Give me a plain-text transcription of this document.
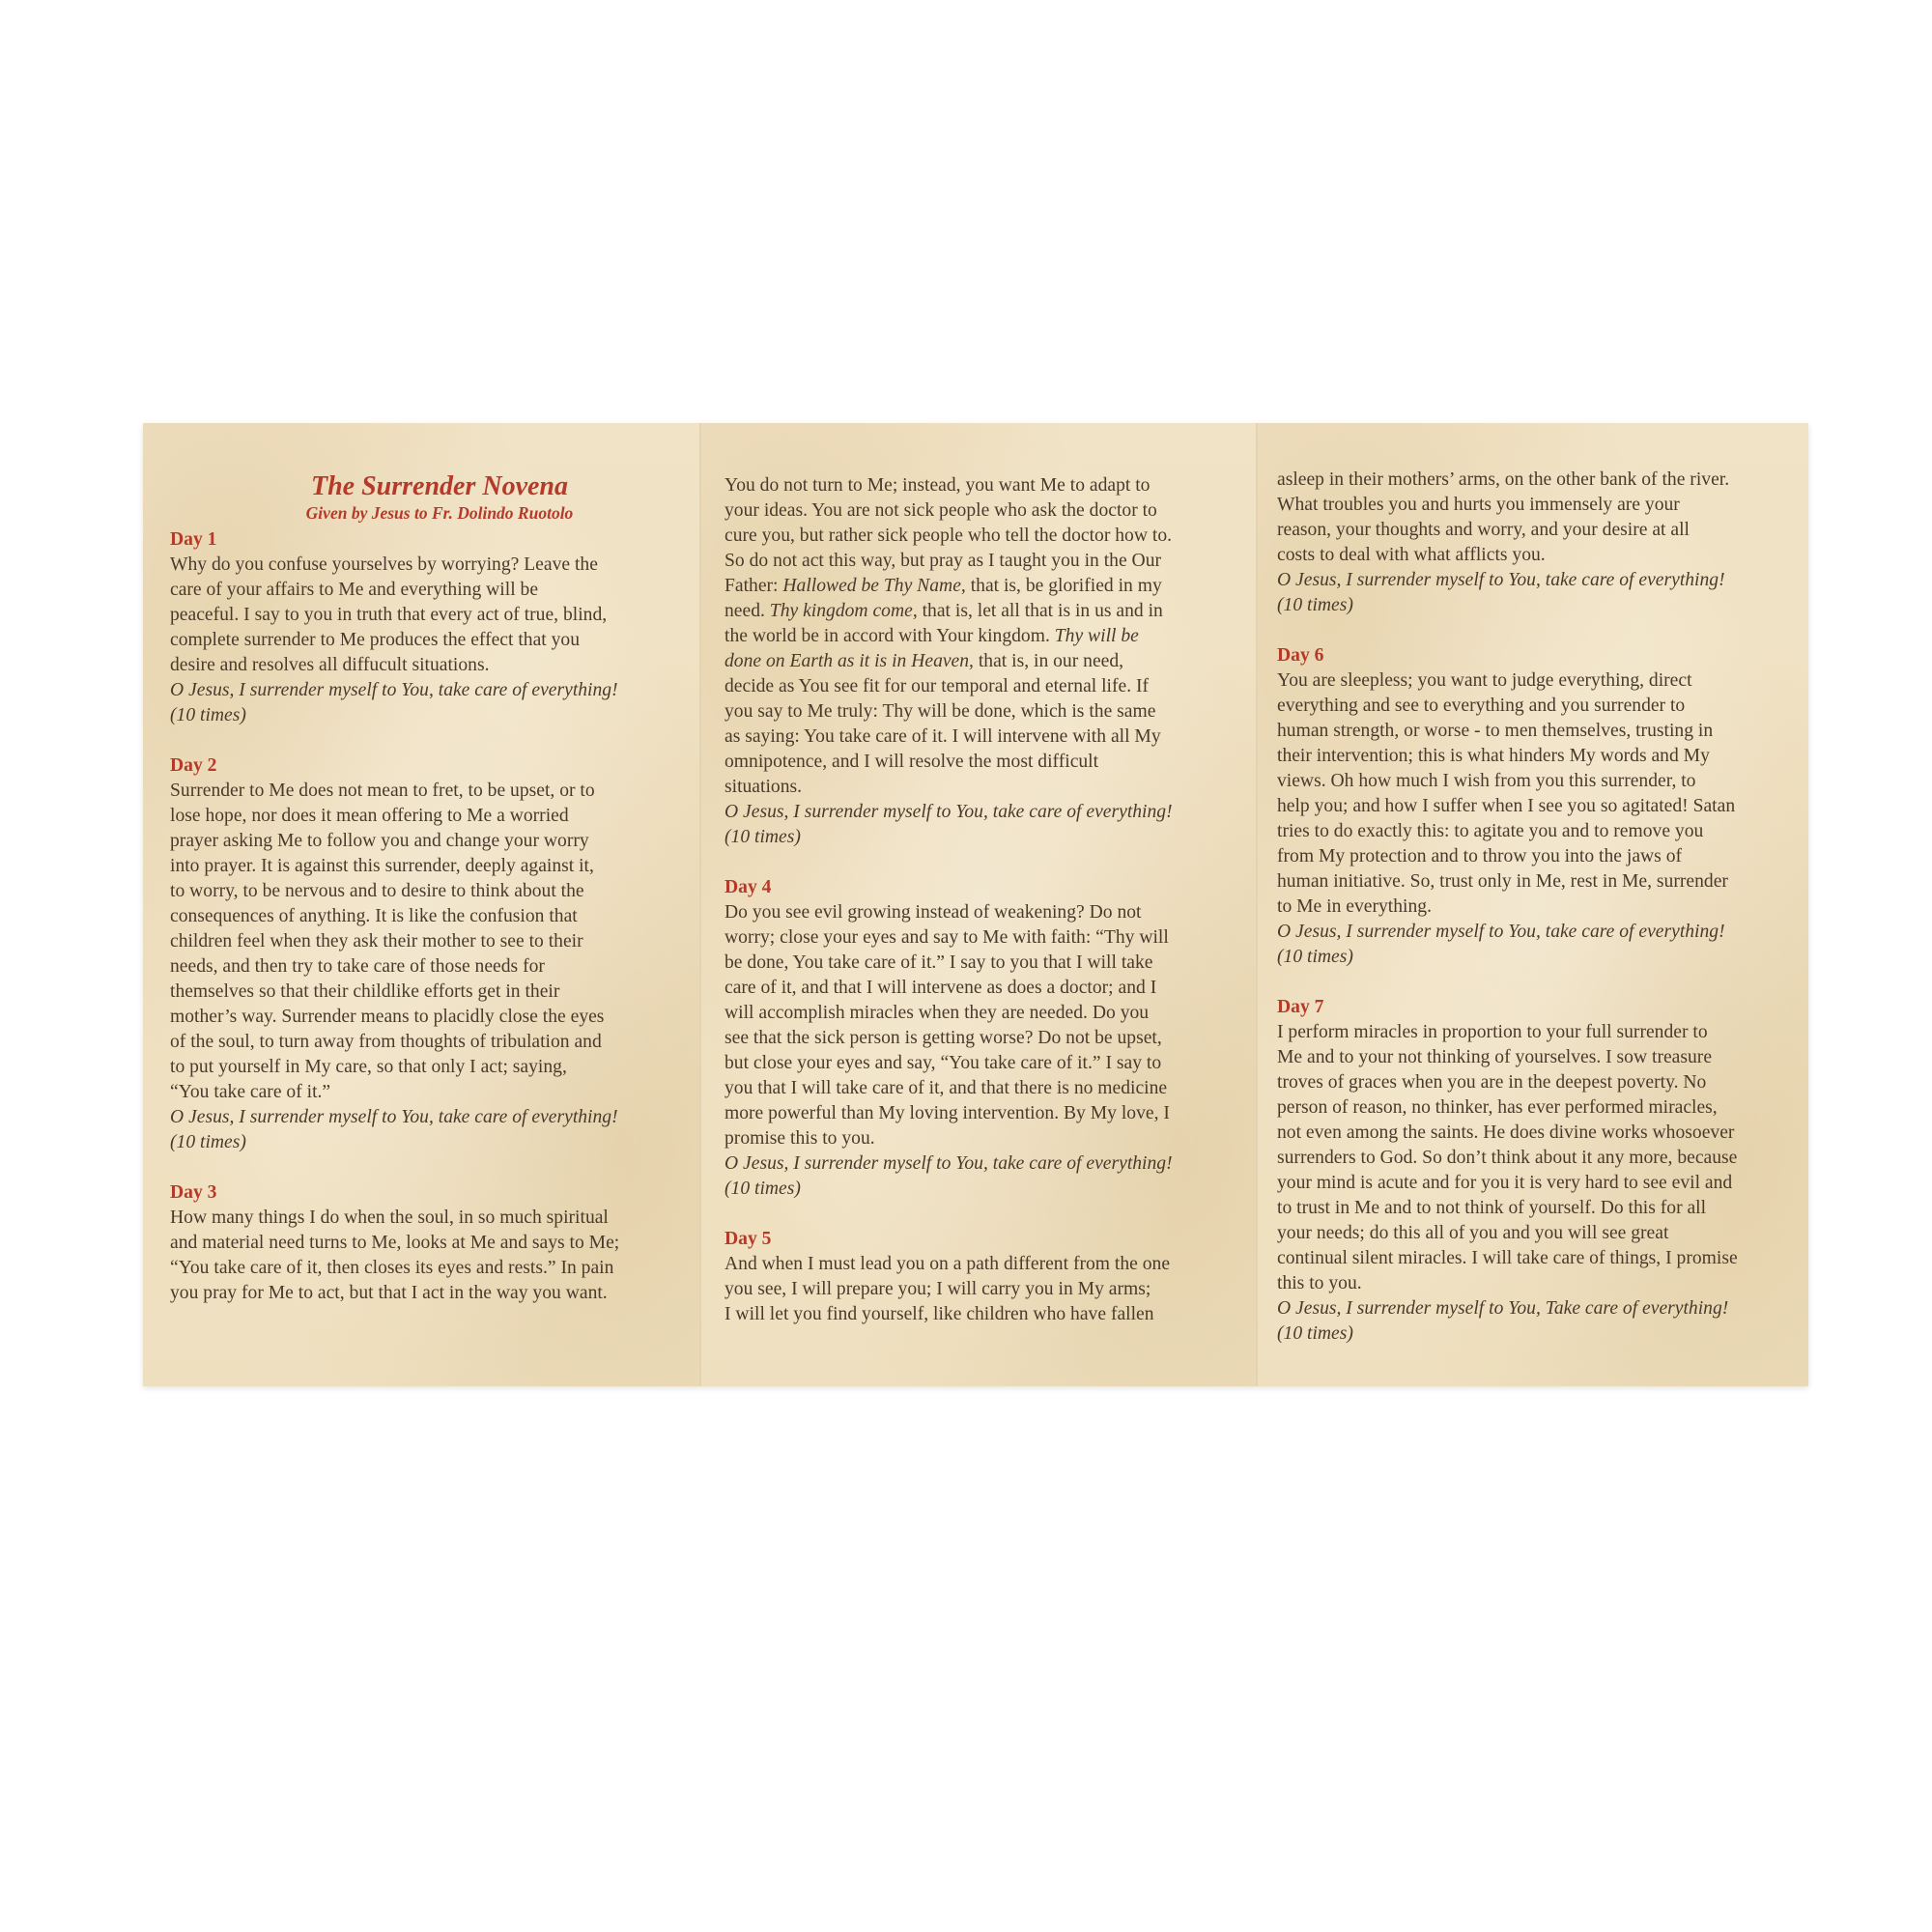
The Surrender Novena
Given by Jesus to Fr. Dolindo Ruotolo
Day 1

Why do you confuse yourselves by worrying? Leave the
care of your affairs to Me and everything will be
peaceful. I say to you in truth that every act of true, blind,
complete surrender to Me produces the effect that you
desire and resolves all diffucult situations.

O Jesus, I surrender myself to You, take care of everything!
(10 times)

Day 2

Surrender to Me does not mean to fret, to be upset, or to
lose hope, nor does it mean offering to Me a worried
prayer asking Me to follow you and change your worry
into prayer. It is against this surrender, deeply against it,
to worry, to be nervous and to desire to think about the
consequences of anything. It is like the confusion that
children feel when they ask their mother to see to their
needs, and then try to take care of those needs for
themselves so that their childlike efforts get in their
mother’s way. Surrender means to placidly close the eyes
of the soul, to turn away from thoughts of tribulation and
to put yourself in My care, so that only I act; saying,
“You take care of it.”

O Jesus, I surrender myself to You, take care of everything!
(10 times)

Day 3

How many things I do when the soul, in so much spiritual
and material need turns to Me, looks at Me and says to Me;
“You take care of it, then closes its eyes and rests.” In pain
you pray for Me to act, but that I act in the way you want.

You do not turn to Me; instead, you want Me to adapt to
your ideas. You are not sick people who ask the doctor to
cure you, but rather sick people who tell the doctor how to.
So do not act this way, but pray as I taught you in the Our
Father: Hallowed be Thy Name, that is, be glorified in my
need. Thy kingdom come, that is, let all that is in us and in
the world be in accord with Your kingdom. Thy will be
done on Earth as it is in Heaven, that is, in our need,
decide as You see fit for our temporal and eternal life. If
you say to Me truly: Thy will be done, which is the same
as saying: You take care of it. I will intervene with all My
omnipotence, and I will resolve the most difficult
situations.

O Jesus, I surrender myself to You, take care of everything!
(10 times)

Day 4

Do you see evil growing instead of weakening? Do not
worry; close your eyes and say to Me with faith: “Thy will
be done, You take care of it.” I say to you that I will take
care of it, and that I will intervene as does a doctor; and I
will accomplish miracles when they are needed. Do you
see that the sick person is getting worse? Do not be upset,
but close your eyes and say, “You take care of it.” I say to
you that I will take care of it, and that there is no medicine
more powerful than My loving intervention. By My love, I
promise this to you.

O Jesus, I surrender myself to You, take care of everything!
(10 times)

Day 5

And when I must lead you on a path different from the one
you see, I will prepare you; I will carry you in My arms;
I will let you find yourself, like children who have fallen

asleep in their mothers’ arms, on the other bank of the river.
What troubles you and hurts you immensely are your
reason, your thoughts and worry, and your desire at all
costs to deal with what afflicts you.

O Jesus, I surrender myself to You, take care of everything!
(10 times)

Day 6

You are sleepless; you want to judge everything, direct
everything and see to everything and you surrender to
human strength, or worse - to men themselves, trusting in
their intervention; this is what hinders My words and My
views. Oh how much I wish from you this surrender, to
help you; and how I suffer when I see you so agitated! Satan
tries to do exactly this: to agitate you and to remove you
from My protection and to throw you into the jaws of
human initiative. So, trust only in Me, rest in Me, surrender
to Me in everything.

O Jesus, I surrender myself to You, take care of everything!
(10 times)

Day 7

I perform miracles in proportion to your full surrender to
Me and to your not thinking of yourselves. I sow treasure
troves of graces when you are in the deepest poverty. No
person of reason, no thinker, has ever performed miracles,
not even among the saints. He does divine works whosoever
surrenders to God. So don’t think about it any more, because
your mind is acute and for you it is very hard to see evil and
to trust in Me and to not think of yourself. Do this for all
your needs; do this all of you and you will see great
continual silent miracles. I will take care of things, I promise
this to you.

O Jesus, I surrender myself to You, Take care of everything!
(10 times)
